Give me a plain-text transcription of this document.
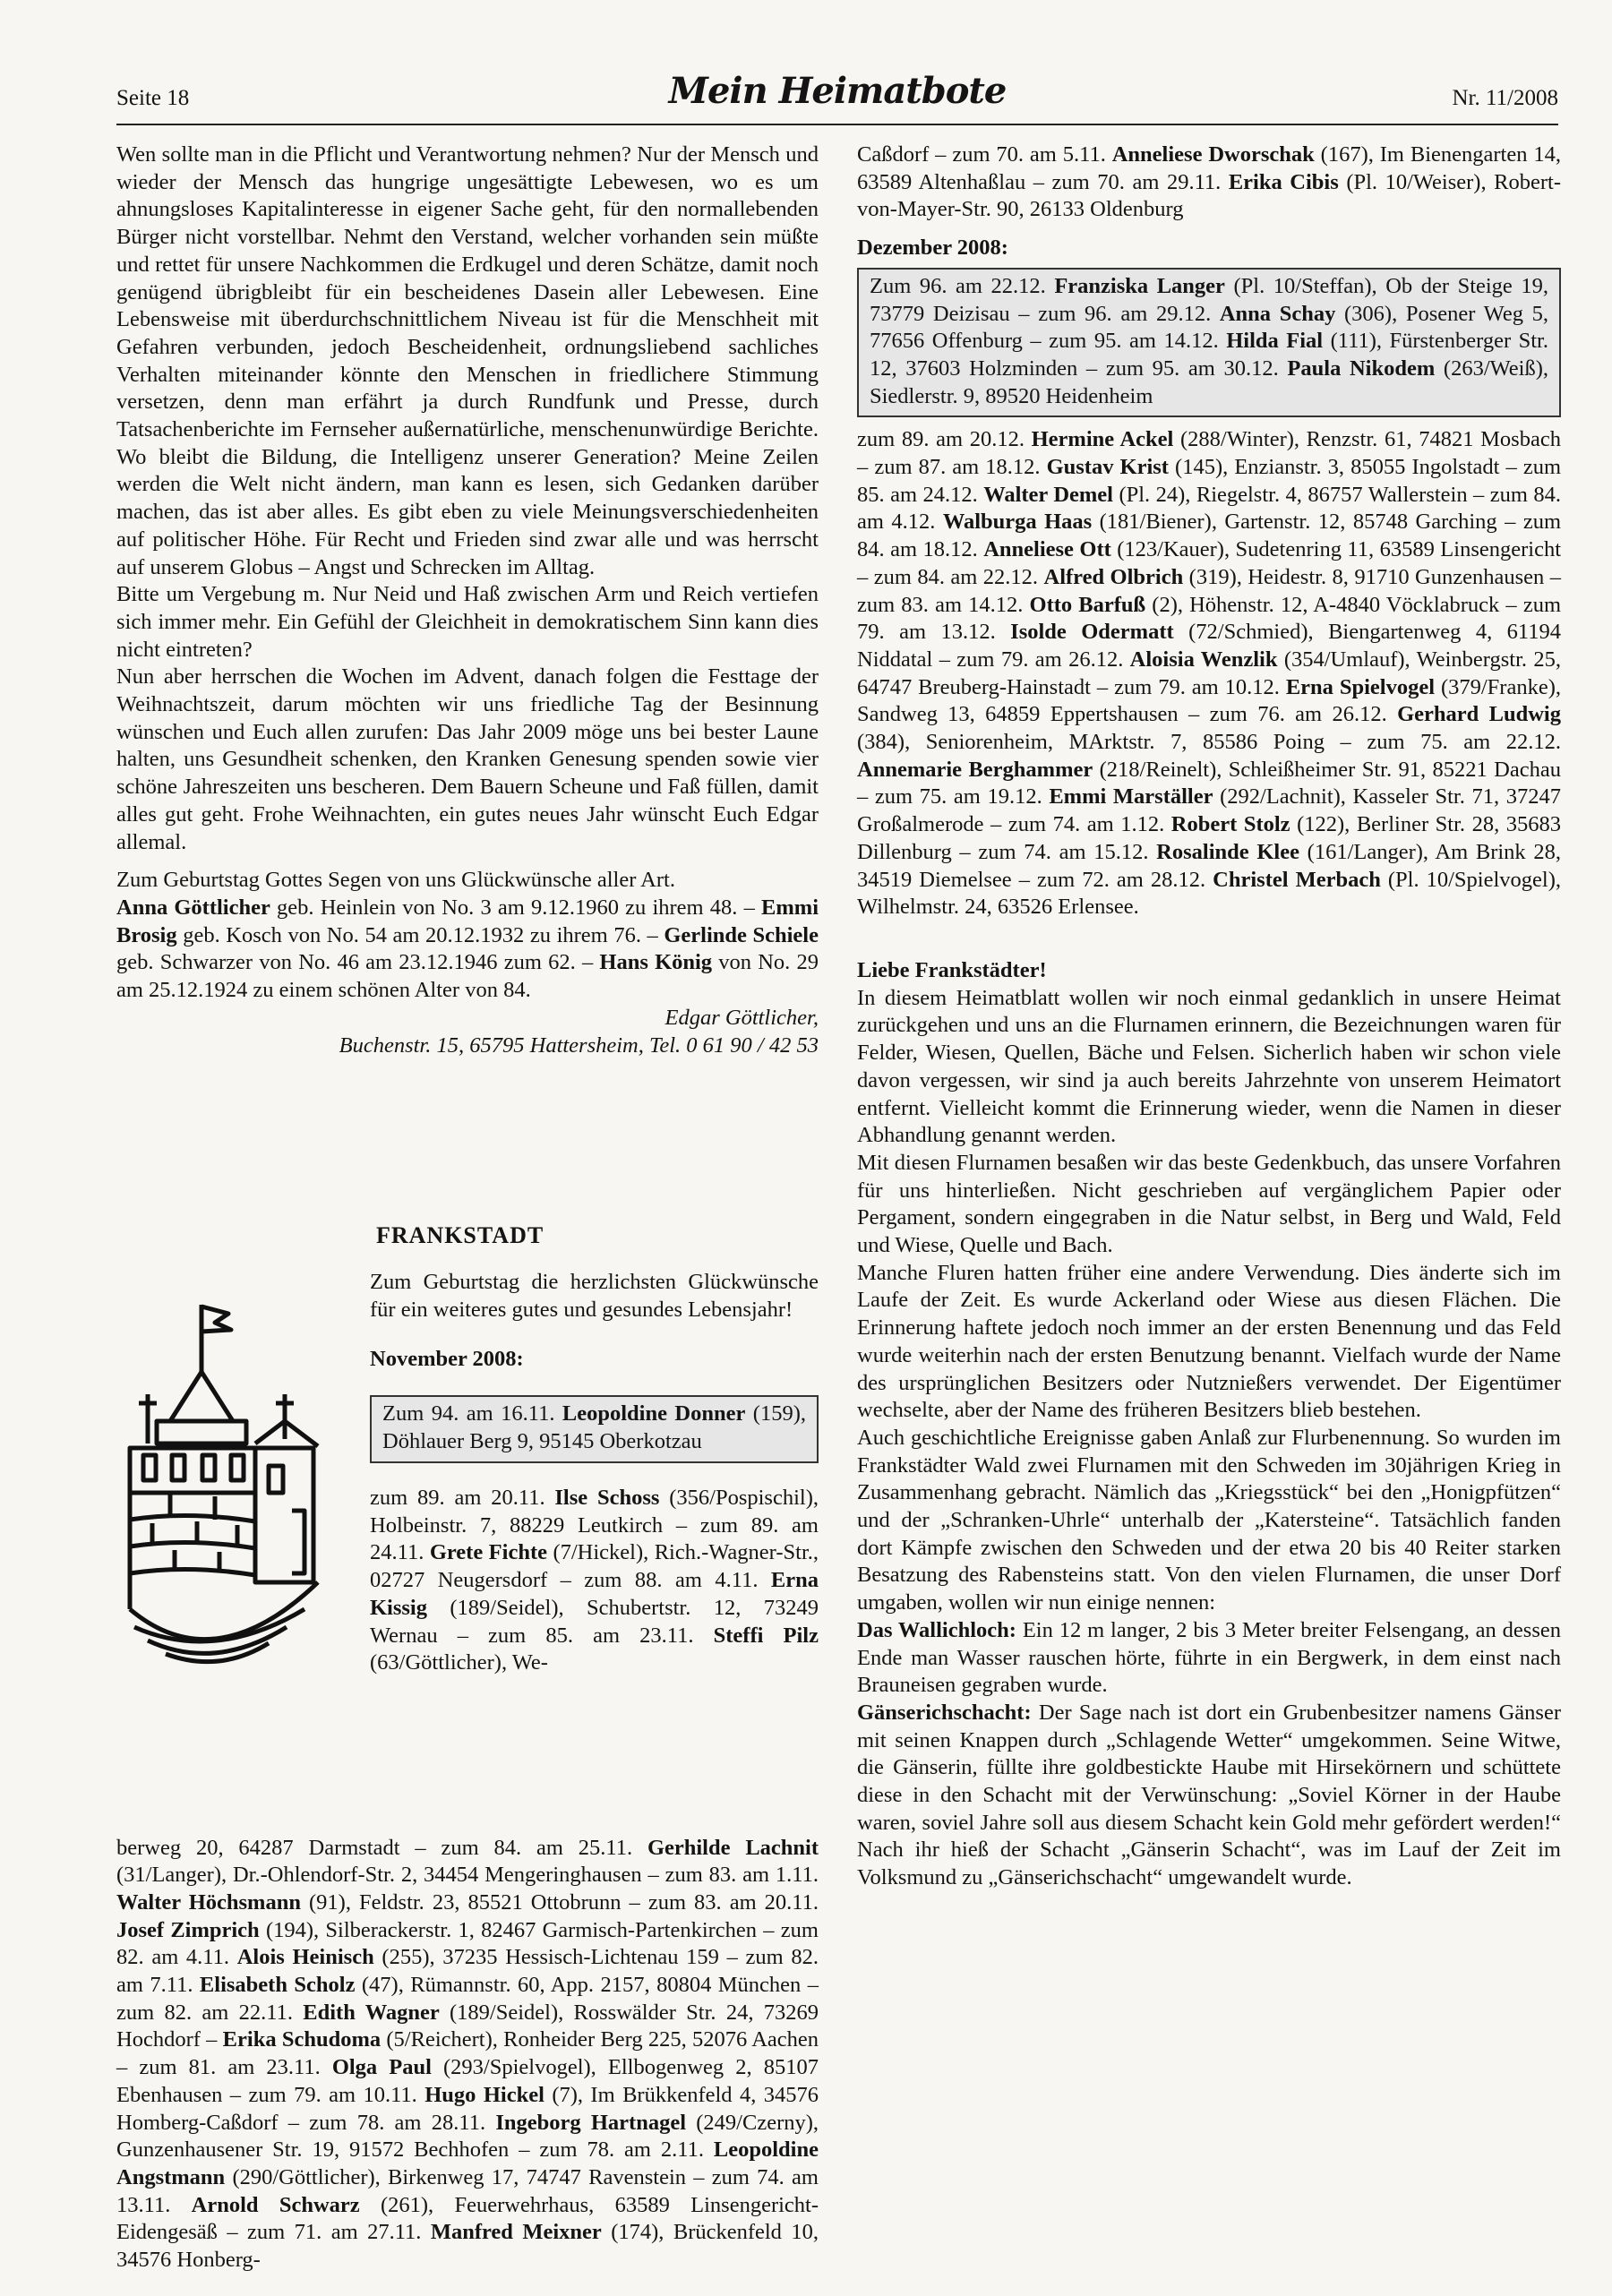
Seite 18	Mein Heimatbote	Nr. 11/2008

Wen sollte man in die Pflicht und Verantwortung nehmen? Nur der Mensch und wieder der Mensch das hungrige ungesättigte Lebewesen, wo es um ahnungsloses Kapitalinteresse in eigener Sache geht, für den normallebenden Bürger nicht vorstellbar. Nehmt den Verstand, welcher vorhanden sein müßte und rettet für unsere Nachkommen die Erdkugel und deren Schätze, damit noch genügend übrigbleibt für ein bescheidenes Dasein aller Lebewesen. Eine Lebensweise mit überdurchschnittlichem Niveau ist für die Menschheit mit Gefahren verbunden, jedoch Bescheidenheit, ordnungsliebend sachliches Verhalten miteinander könnte den Menschen in friedlichere Stimmung versetzen, denn man erfährt ja durch Rundfunk und Presse, durch Tatsachenberichte im Fernseher außernatürliche, menschenunwürdige Berichte. Wo bleibt die Bildung, die Intelligenz unserer Generation? Meine Zeilen werden die Welt nicht ändern, man kann es lesen, sich Gedanken darüber machen, das ist aber alles. Es gibt eben zu viele Meinungsverschiedenheiten auf politischer Höhe. Für Recht und Frieden sind zwar alle und was herrscht auf unserem Globus – Angst und Schrecken im Alltag.

Bitte um Vergebung m. Nur Neid und Haß zwischen Arm und Reich vertiefen sich immer mehr. Ein Gefühl der Gleichheit in demokratischem Sinn kann dies nicht eintreten?

Nun aber herrschen die Wochen im Advent, danach folgen die Festtage der Weihnachtszeit, darum möchten wir uns friedliche Tag der Besinnung wünschen und Euch allen zurufen: Das Jahr 2009 möge uns bei bester Laune halten, uns Gesundheit schenken, den Kranken Genesung spenden sowie vier schöne Jahreszeiten uns bescheren. Dem Bauern Scheune und Faß füllen, damit alles gut geht. Frohe Weihnachten, ein gutes neues Jahr wünscht Euch Edgar allemal.

Zum Geburtstag Gottes Segen von uns Glückwünsche aller Art.
Anna Göttlicher geb. Heinlein von No. 3 am 9.12.1960 zu ihrem 48. – Emmi Brosig geb. Kosch von No. 54 am 20.12.1932 zu ihrem 76. – Gerlinde Schiele geb. Schwarzer von No. 46 am 23.12.1946 zum 62. – Hans König von No. 29 am 25.12.1924 zu einem schönen Alter von 84.

Edgar Göttlicher,

Buchenstr. 15, 65795 Hattersheim, Tel. 0 61 90 / 42 53

FRANKSTADT

Zum Geburtstag die herzlichsten Glückwünsche für ein weiteres gutes und gesundes Lebensjahr!

November 2008:

Zum 94. am 16.11. Leopoldine Donner (159), Döhlauer Berg 9, 95145 Oberkotzau

zum 89. am 20.11. Ilse Schoss (356/Pospischil), Holbeinstr. 7, 88229 Leutkirch – zum 89. am 24.11. Grete Fichte (7/Hickel), Rich.-Wagner-Str., 02727 Neugersdorf – zum 88. am 4.11. Erna Kissig (189/Seidel), Schubertstr. 12, 73249 Wernau – zum 85. am 23.11. Steffi Pilz (63/Göttlicher), We-

berweg 20, 64287 Darmstadt – zum 84. am 25.11. Gerhilde Lachnit (31/Langer), Dr.-Ohlendorf-Str. 2, 34454 Mengeringhausen – zum 83. am 1.11. Walter Höchsmann (91), Feldstr. 23, 85521 Ottobrunn – zum 83. am 20.11. Josef Zimprich (194), Silberackerstr. 1, 82467 Garmisch-Partenkirchen – zum 82. am 4.11. Alois Heinisch (255), 37235 Hessisch-Lichtenau 159 – zum 82. am 7.11. Elisabeth Scholz (47), Rümannstr. 60, App. 2157, 80804 München – zum 82. am 22.11. Edith Wagner (189/Seidel), Rosswälder Str. 24, 73269 Hochdorf – Erika Schudoma (5/Reichert), Ronheider Berg 225, 52076 Aachen – zum 81. am 23.11. Olga Paul (293/Spielvogel), Ellbogenweg 2, 85107 Ebenhausen – zum 79. am 10.11. Hugo Hickel (7), Im Brükkenfeld 4, 34576 Homberg-Caßdorf – zum 78. am 28.11. Ingeborg Hartnagel (249/Czerny), Gunzenhausener Str. 19, 91572 Bechhofen – zum 78. am 2.11. Leopoldine Angstmann (290/Göttlicher), Birkenweg 17, 74747 Ravenstein – zum 74. am 13.11. Arnold Schwarz (261), Feuerwehrhaus, 63589 Linsengericht-Eidengesäß – zum 71. am 27.11. Manfred Meixner (174), Brückenfeld 10, 34576 Honberg-

Caßdorf – zum 70. am 5.11. Anneliese Dworschak (167), Im Bienengarten 14, 63589 Altenhaßlau – zum 70. am 29.11. Erika Cibis (Pl. 10/Weiser), Robert-von-Mayer-Str. 90, 26133 Oldenburg

Dezember 2008:

Zum 96. am 22.12. Franziska Langer (Pl. 10/Steffan), Ob der Steige 19, 73779 Deizisau – zum 96. am 29.12. Anna Schay (306), Posener Weg 5, 77656 Offenburg – zum 95. am 14.12. Hilda Fial (111), Fürstenberger Str. 12, 37603 Holzminden – zum 95. am 30.12. Paula Nikodem (263/Weiß), Siedlerstr. 9, 89520 Heidenheim

zum 89. am 20.12. Hermine Ackel (288/Winter), Renzstr. 61, 74821 Mosbach – zum 87. am 18.12. Gustav Krist (145), Enzianstr. 3, 85055 Ingolstadt – zum 85. am 24.12. Walter Demel (Pl. 24), Riegelstr. 4, 86757 Wallerstein – zum 84. am 4.12. Walburga Haas (181/Biener), Gartenstr. 12, 85748 Garching – zum 84. am 18.12. Anneliese Ott (123/Kauer), Sudetenring 11, 63589 Linsengericht – zum 84. am 22.12. Alfred Olbrich (319), Heidestr. 8, 91710 Gunzenhausen – zum 83. am 14.12. Otto Barfuß (2), Höhenstr. 12, A-4840 Vöcklabruck – zum 79. am 13.12. Isolde Odermatt (72/Schmied), Biengartenweg 4, 61194 Niddatal – zum 79. am 26.12. Aloisia Wenzlik (354/Umlauf), Weinbergstr. 25, 64747 Breuberg-Hainstadt – zum 79. am 10.12. Erna Spielvogel (379/Franke), Sandweg 13, 64859 Eppertshausen – zum 76. am 26.12. Gerhard Ludwig (384), Seniorenheim, MArktstr. 7, 85586 Poing – zum 75. am 22.12. Annemarie Berghammer (218/Reinelt), Schleißheimer Str. 91, 85221 Dachau – zum 75. am 19.12. Emmi Marställer (292/Lachnit), Kasseler Str. 71, 37247 Großalmerode – zum 74. am 1.12. Robert Stolz (122), Berliner Str. 28, 35683 Dillenburg – zum 74. am 15.12. Rosalinde Klee (161/Langer), Am Brink 28, 34519 Diemelsee – zum 72. am 28.12. Christel Merbach (Pl. 10/Spielvogel), Wilhelmstr. 24, 63526 Erlensee.

Liebe Frankstädter!

In diesem Heimatblatt wollen wir noch einmal gedanklich in unsere Heimat zurückgehen und uns an die Flurnamen erinnern, die Bezeichnungen waren für Felder, Wiesen, Quellen, Bäche und Felsen. Sicherlich haben wir schon viele davon vergessen, wir sind ja auch bereits Jahrzehnte von unserem Heimatort entfernt. Vielleicht kommt die Erinnerung wieder, wenn die Namen in dieser Abhandlung genannt werden.

Mit diesen Flurnamen besaßen wir das beste Gedenkbuch, das unsere Vorfahren für uns hinterließen. Nicht geschrieben auf vergänglichem Papier oder Pergament, sondern eingegraben in die Natur selbst, in Berg und Wald, Feld und Wiese, Quelle und Bach.

Manche Fluren hatten früher eine andere Verwendung. Dies änderte sich im Laufe der Zeit. Es wurde Ackerland oder Wiese aus diesen Flächen. Die Erinnerung haftete jedoch noch immer an der ersten Benennung und das Feld wurde weiterhin nach der ersten Benutzung benannt. Vielfach wurde der Name des ursprünglichen Besitzers oder Nutznießers verwendet. Der Eigentümer wechselte, aber der Name des früheren Besitzers blieb bestehen.

Auch geschichtliche Ereignisse gaben Anlaß zur Flurbenennung. So wurden im Frankstädter Wald zwei Flurnamen mit den Schweden im 30jährigen Krieg in Zusammenhang gebracht. Nämlich das „Kriegsstück“ bei den „Honigpfützen“ und der „Schranken-Uhrle“ unterhalb der „Katersteine“. Tatsächlich fanden dort Kämpfe zwischen den Schweden und der etwa 20 bis 40 Reiter starken Besatzung des Rabensteins statt. Von den vielen Flurnamen, die unser Dorf umgaben, wollen wir nun einige nennen:

Das Wallichloch: Ein 12 m langer, 2 bis 3 Meter breiter Felsengang, an dessen Ende man Wasser rauschen hörte, führte in ein Bergwerk, in dem einst nach Brauneisen gegraben wurde.

Gänserichschacht: Der Sage nach ist dort ein Grubenbesitzer namens Gänser mit seinen Knappen durch „Schlagende Wetter“ umgekommen. Seine Witwe, die Gänserin, füllte ihre goldbestickte Haube mit Hirsekörnern und schüttete diese in den Schacht mit der Verwünschung: „Soviel Körner in der Haube waren, soviel Jahre soll aus diesem Schacht kein Gold mehr gefördert werden!“ Nach ihr hieß der Schacht „Gänserin Schacht“, was im Lauf der Zeit im Volksmund zu „Gänserichschacht“ umgewandelt wurde.
